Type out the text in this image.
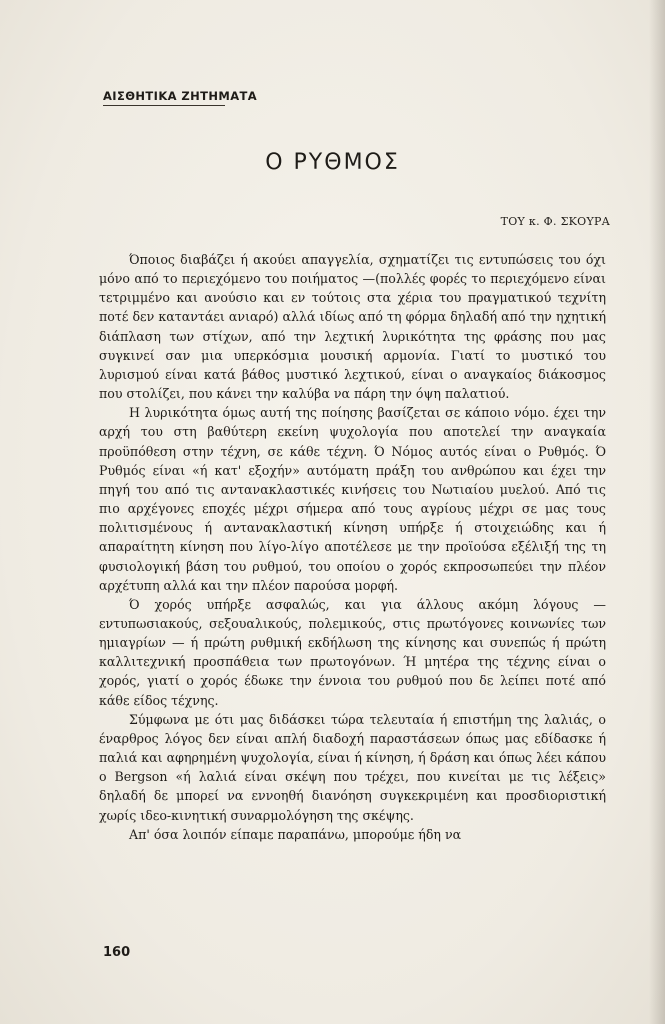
ΑΙΣΘΗΤΙΚΑ ΖΗΤΗΜΑΤΑ
Ο ΡΥΘΜΟΣ
ΤΟΥ κ. Φ. ΣΚΟΥΡΑ

Όποιος διαβάζει ή ακούει απαγγελία, σχηματίζει τις εντυπώσεις του όχι μόνο από το περιεχόμενο του ποιήματος —(πολλές φορές το περιεχόμενο είναι τετριμμένο και ανούσιο και εν τούτοις στα χέρια του πραγματικού τεχνίτη ποτέ δεν καταντάει ανιαρό) αλλά ιδίως από τη φόρμα δηλαδή από την ηχητική διάπλαση των στίχων, από την λεχτική λυρικότητα της φράσης που μας συγκινεί σαν μια υπερκόσμια μουσική αρμονία. Γιατί το μυστικό του λυρισμού είναι κατά βάθος μυστικό λεχτικού, είναι ο αναγκαίος διάκοσμος που στολίζει, που κάνει την καλύβα να πάρη την όψη παλατιού.

Η λυρικότητα όμως αυτή της ποίησης βασίζεται σε κάποιο νόμο. έχει την αρχή του στη βαθύτερη εκείνη ψυχολογία που αποτελεί την αναγκαία προϋπόθεση στην τέχνη, σε κάθε τέχνη. Ό Νόμος αυτός είναι ο Ρυθμός. Ό Ρυθμός είναι «ή κατ' εξοχήν» αυτόματη πράξη του ανθρώπου και έχει την πηγή του από τις αντανακλαστικές κινήσεις του Νωτιαίου μυελού. Από τις πιο αρχέγονες εποχές μέχρι σήμερα από τους αγρίους μέχρι σε μας τους πολιτισμένους ή αντανακλαστική κίνηση υπήρξε ή στοιχειώδης και ή απαραίτητη κίνηση που λίγο-λίγο αποτέλεσε με την προϊούσα εξέλιξή της τη φυσιολογική βάση του ρυθμού, του οποίου ο χορός εκπροσωπεύει την πλέον αρχέτυπη αλλά και την πλέον παρούσα μορφή.

Ό χορός υπήρξε ασφαλώς, και για άλλους ακόμη λόγους — εντυπωσιακούς, σεξουαλικούς, πολεμικούς, στις πρωτόγονες κοινωνίες των ημιαγρίων — ή πρώτη ρυθμική εκδήλωση της κίνησης και συνεπώς ή πρώτη καλλιτεχνική προσπάθεια των πρωτογόνων. Ή μητέρα της τέχνης είναι ο χορός, γιατί ο χορός έδωκε την έννοια του ρυθμού που δε λείπει ποτέ από κάθε είδος τέχνης.

Σύμφωνα με ότι μας διδάσκει τώρα τελευταία ή επιστήμη της λαλιάς, ο έναρθρος λόγος δεν είναι απλή διαδοχή παραστάσεων όπως μας εδίδασκε ή παλιά και αφηρημένη ψυχολογία, είναι ή κίνηση, ή δράση και όπως λέει κάπου ο Bergson «ή λαλιά είναι σκέψη που τρέχει, που κινείται με τις λέξεις» δηλαδή δε μπορεί να εννοηθή διανόηση συγκεκριμένη και προσδιοριστική χωρίς ιδεο-κινητική συναρμολόγηση της σκέψης.

Απ' όσα λοιπόν είπαμε παραπάνω, μπορούμε ήδη να

160
